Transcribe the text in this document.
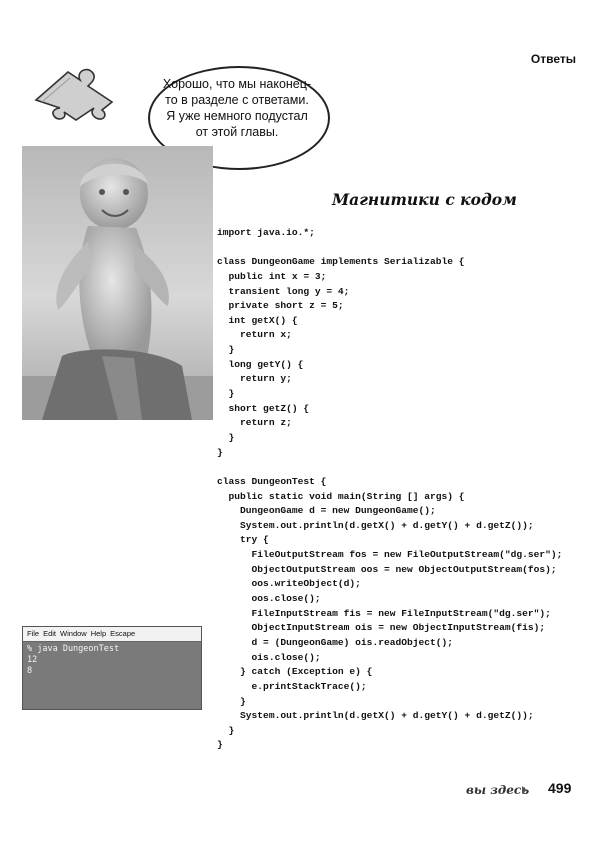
Ответы
Хорошо, что мы наконец-то в разделе с ответами. Я уже немного подустал от этой главы.
Магнитики с кодом
import java.io.*;
class DungeonGame implements Serializable {
public int x = 3;
transient long y = 4;
private short z = 5;
int getX() {
return x;
}
long getY() {
return y;
}
short getZ() {
return z;
}
}
class DungeonTest {
public static void main(String [] args) {
DungeonGame d = new DungeonGame();
System.out.println(d.getX() + d.getY() + d.getZ());
try {
FileOutputStream fos = new FileOutputStream("dg.ser");
ObjectOutputStream oos = new ObjectOutputStream(fos);
oos.writeObject(d);
oos.close();
FileInputStream fis = new FileInputStream("dg.ser");
ObjectInputStream ois = new ObjectInputStream(fis);
d = (DungeonGame) ois.readObject();
ois.close();
} catch (Exception e) {
e.printStackTrace();
}
System.out.println(d.getX() + d.getY() + d.getZ());
}
}
File Edit Window Help Escape
% java DungeonTest
12
8
вы здесь 499
